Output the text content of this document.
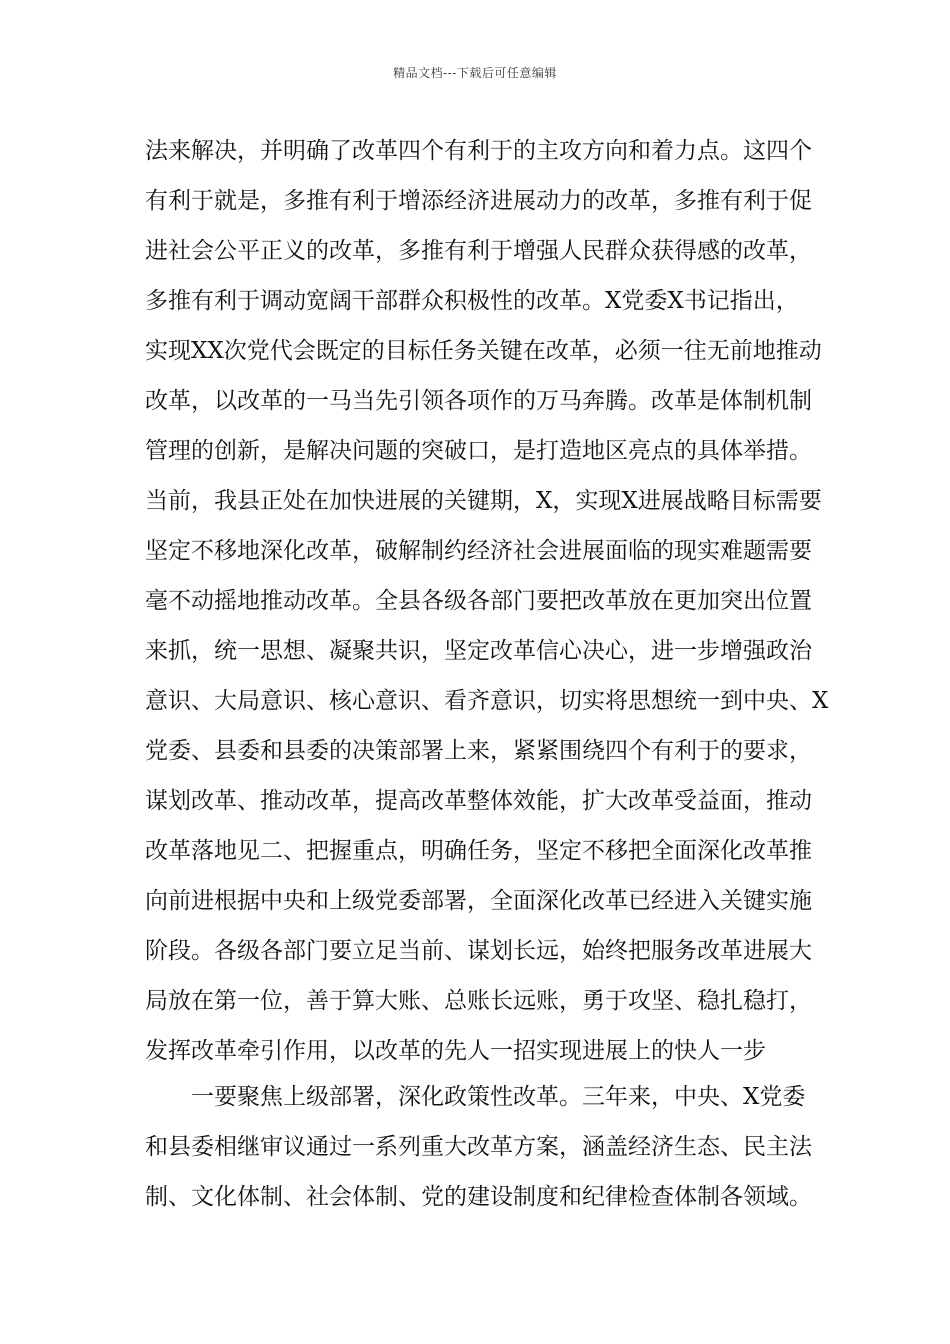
精品文档---下载后可任意编辑
法来解决，并明确了改革四个有利于的主攻方向和着力点。这四个
有利于就是，多推有利于增添经济进展动力的改革，多推有利于促
进社会公平正义的改革，多推有利于增强人民群众获得感的改革，
多推有利于调动宽阔干部群众积极性的改革。X党委X书记指出，
实现XX次党代会既定的目标任务关键在改革，必须一往无前地推动
改革，以改革的一马当先引领各项作的万马奔腾。改革是体制机制
管理的创新，是解决问题的突破口，是打造地区亮点的具体举措。
当前，我县正处在加快进展的关键期，X，实现X进展战略目标需要
坚定不移地深化改革，破解制约经济社会进展面临的现实难题需要
毫不动摇地推动改革。全县各级各部门要把改革放在更加突出位置
来抓，统一思想、凝聚共识，坚定改革信心决心，进一步增强政治
意识、大局意识、核心意识、看齐意识，切实将思想统一到中央、X
党委、县委和县委的决策部署上来，紧紧围绕四个有利于的要求，
谋划改革、推动改革，提高改革整体效能，扩大改革受益面，推动
改革落地见二、把握重点，明确任务，坚定不移把全面深化改革推
向前进根据中央和上级党委部署，全面深化改革已经进入关键实施
阶段。各级各部门要立足当前、谋划长远，始终把服务改革进展大
局放在第一位，善于算大账、总账长远账，勇于攻坚、稳扎稳打，
发挥改革牵引作用，以改革的先人一招实现进展上的快人一步
一要聚焦上级部署，深化政策性改革。三年来，中央、X党委
和县委相继审议通过一系列重大改革方案，涵盖经济生态、民主法
制、文化体制、社会体制、党的建设制度和纪律检查体制各领域。
